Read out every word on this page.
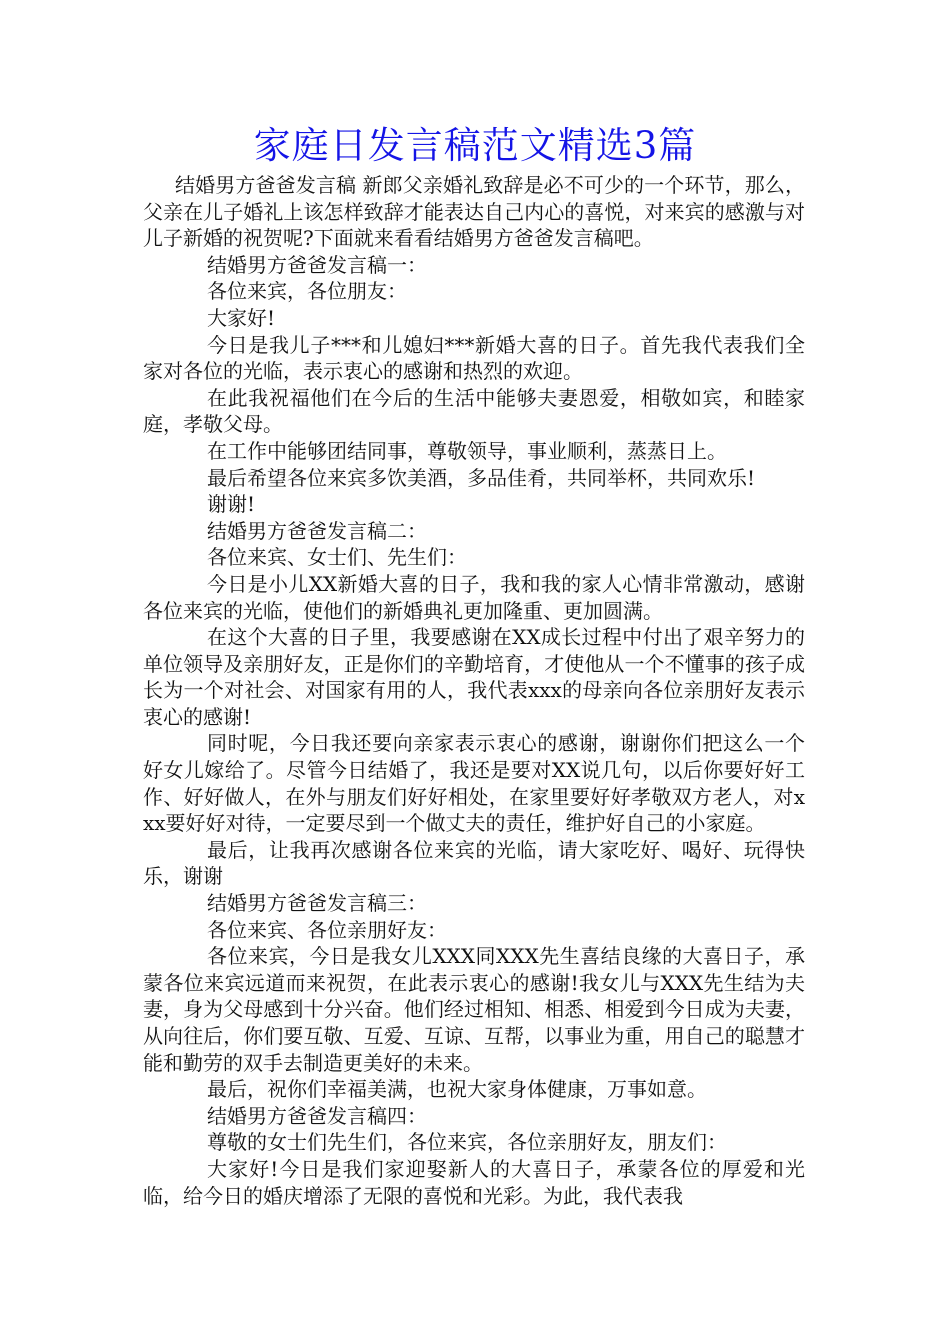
家庭日发言稿范文精选3篇

结婚男方爸爸发言稿 新郎父亲婚礼致辞是必不可少的一个环节，那么，父亲在儿子婚礼上该怎样致辞才能表达自己内心的喜悦，对来宾的感激与对儿子新婚的祝贺呢?下面就来看看结婚男方爸爸发言稿吧。

结婚男方爸爸发言稿一：

各位来宾，各位朋友：

大家好!

今日是我儿子***和儿媳妇***新婚大喜的日子。首先我代表我们全家对各位的光临，表示衷心的感谢和热烈的欢迎。

在此我祝福他们在今后的生活中能够夫妻恩爱，相敬如宾，和睦家庭，孝敬父母。

在工作中能够团结同事，尊敬领导，事业顺利，蒸蒸日上。

最后希望各位来宾多饮美酒，多品佳肴，共同举杯，共同欢乐!

谢谢!

结婚男方爸爸发言稿二：

各位来宾、女士们、先生们：

今日是小儿XX新婚大喜的日子，我和我的家人心情非常激动，感谢各位来宾的光临，使他们的新婚典礼更加隆重、更加圆满。

在这个大喜的日子里，我要感谢在XX成长过程中付出了艰辛努力的单位领导及亲朋好友，正是你们的辛勤培育，才使他从一个不懂事的孩子成长为一个对社会、对国家有用的人，我代表xxx的母亲向各位亲朋好友表示衷心的感谢!

同时呢，今日我还要向亲家表示衷心的感谢，谢谢你们把这么一个好女儿嫁给了。尽管今日结婚了，我还是要对XX说几句，以后你要好好工作、好好做人，在外与朋友们好好相处，在家里要好好孝敬双方老人，对xxx要好好对待，一定要尽到一个做丈夫的责任，维护好自己的小家庭。

最后，让我再次感谢各位来宾的光临，请大家吃好、喝好、玩得快乐，谢谢

结婚男方爸爸发言稿三：

各位来宾、各位亲朋好友：

各位来宾，今日是我女儿XXX同XXX先生喜结良缘的大喜日子，承蒙各位来宾远道而来祝贺，在此表示衷心的感谢!我女儿与XXX先生结为夫妻，身为父母感到十分兴奋。他们经过相知、相悉、相爱到今日成为夫妻，从向往后，你们要互敬、互爱、互谅、互帮，以事业为重，用自己的聪慧才能和勤劳的双手去制造更美好的未来。

最后，祝你们幸福美满，也祝大家身体健康，万事如意。

结婚男方爸爸发言稿四：

尊敬的女士们先生们，各位来宾，各位亲朋好友，朋友们：

大家好!今日是我们家迎娶新人的大喜日子，承蒙各位的厚爱和光临，给今日的婚庆增添了无限的喜悦和光彩。为此，我代表我
